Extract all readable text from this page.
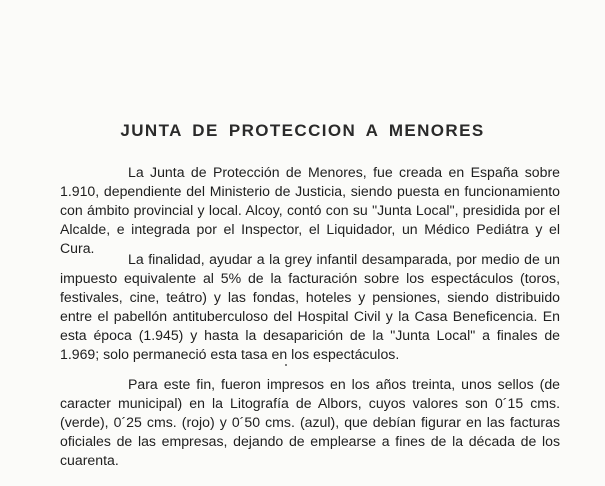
JUNTA DE PROTECCION A MENORES

La Junta de Protección de Menores, fue creada en España sobre 1.910, dependiente del Ministerio de Justicia, siendo puesta en funcionamiento con ámbito provincial y local. Alcoy, contó con su "Junta Local", presidida por el Alcalde, e integrada por el Inspector, el Liquidador, un Médico Pediátra y el Cura.

La finalidad, ayudar a la grey infantil desamparada, por medio de un impuesto equivalente al 5% de la facturación sobre los espectáculos (toros, festivales, cine, teátro) y las fondas, hoteles y pensiones, siendo distribuido entre el pabellón antituberculoso del Hospital Civil y la Casa Beneficencia. En esta época (1.945) y hasta la desaparición de la "Junta Local" a finales de 1.969; solo permaneció esta tasa en los espectáculos.

Para este fin, fueron impresos en los años treinta, unos sellos (de caracter municipal) en la Litografía de Albors, cuyos valores son 0´15 cms. (verde), 0´25 cms. (rojo) y 0´50 cms. (azul), que debían figurar en las facturas oficiales de las empresas, dejando de emplearse a fines de la década de los cuarenta.
